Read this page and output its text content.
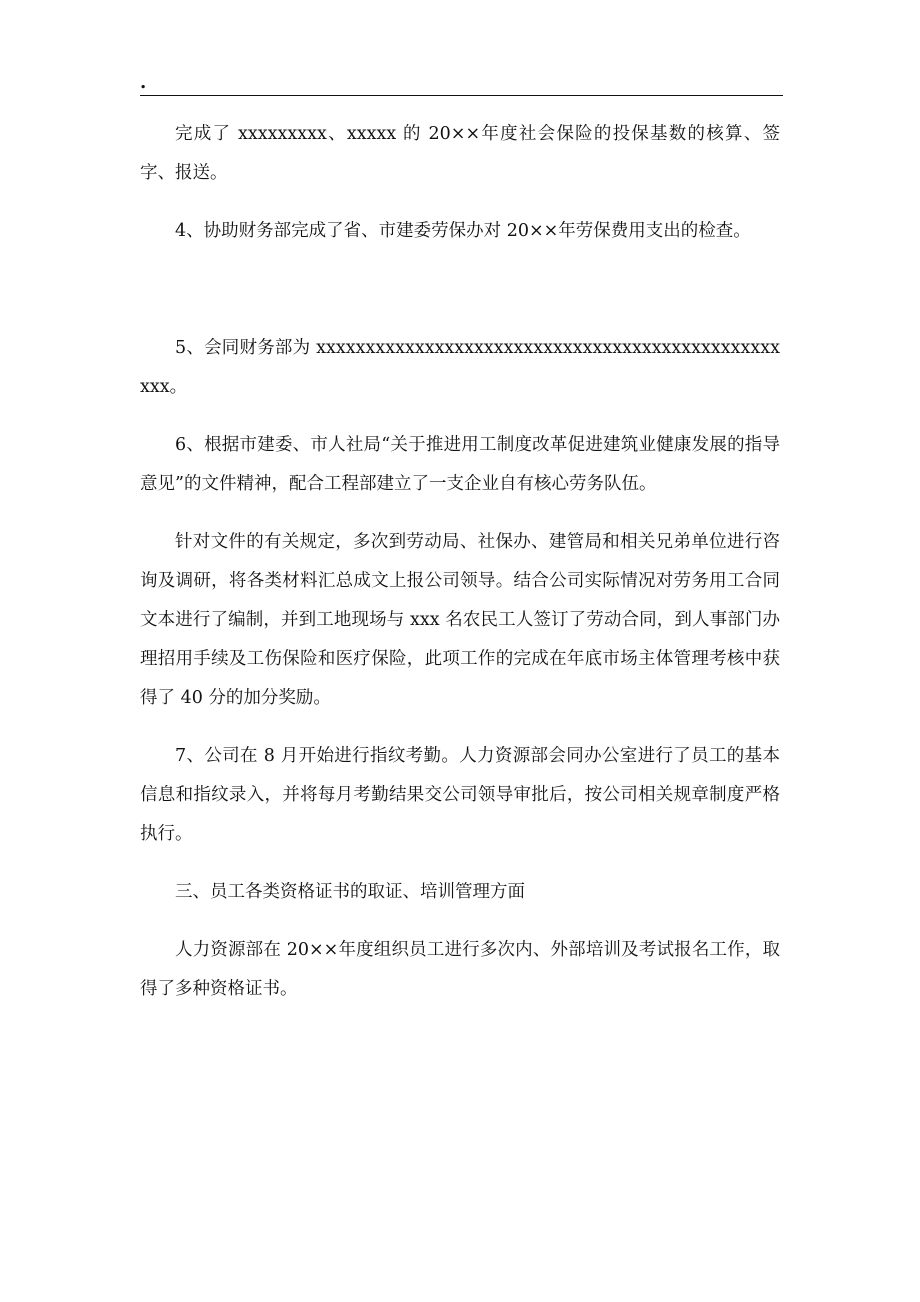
.

完成了 xxxxxxxxx、xxxxx 的 20××年度社会保险的投保基数的核算、签字、报送。

4、协助财务部完成了省、市建委劳保办对 20××年劳保费用支出的检查。

5、会同财务部为 xxxxxxxxxxxxxxxxxxxxxxxxxxxxxxxxxxxxxxxxxxxxxxxxxx。

6、根据市建委、市人社局“关于推进用工制度改革促进建筑业健康发展的指导意见”的文件精神，配合工程部建立了一支企业自有核心劳务队伍。

针对文件的有关规定，多次到劳动局、社保办、建管局和相关兄弟单位进行咨询及调研，将各类材料汇总成文上报公司领导。结合公司实际情况对劳务用工合同文本进行了编制，并到工地现场与 xxx 名农民工人签订了劳动合同，到人事部门办理招用手续及工伤保险和医疗保险，此项工作的完成在年底市场主体管理考核中获得了 40 分的加分奖励。

7、公司在 8 月开始进行指纹考勤。人力资源部会同办公室进行了员工的基本信息和指纹录入，并将每月考勤结果交公司领导审批后，按公司相关规章制度严格执行。

三、员工各类资格证书的取证、培训管理方面

人力资源部在 20××年度组织员工进行多次内、外部培训及考试报名工作，取得了多种资格证书。
